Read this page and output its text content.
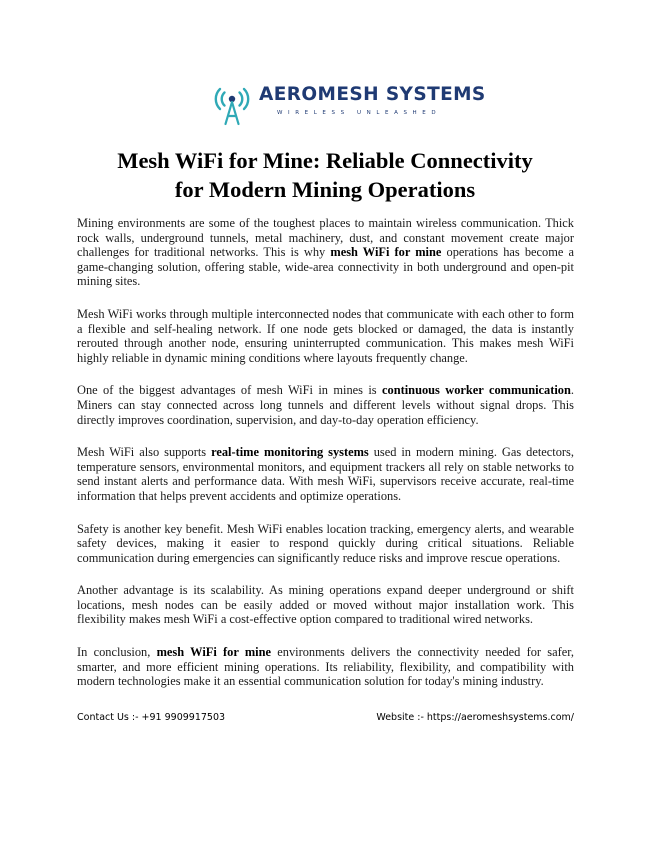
AEROMESH SYSTEMS

WIRELESS UNLEASHED

Mesh WiFi for Mine: Reliable Connectivity
for Modern Mining Operations

Mining environments are some of the toughest places to maintain wireless communication. Thick rock walls, underground tunnels, metal machinery, dust, and constant movement create major challenges for traditional networks. This is why mesh WiFi for mine operations has become a game-changing solution, offering stable, wide-area connectivity in both underground and open-pit mining sites.

Mesh WiFi works through multiple interconnected nodes that communicate with each other to form a flexible and self-healing network. If one node gets blocked or damaged, the data is instantly rerouted through another node, ensuring uninterrupted communication. This makes mesh WiFi highly reliable in dynamic mining conditions where layouts frequently change.

One of the biggest advantages of mesh WiFi in mines is continuous worker communication. Miners can stay connected across long tunnels and different levels without signal drops. This directly improves coordination, supervision, and day-to-day operation efficiency.

Mesh WiFi also supports real-time monitoring systems used in modern mining. Gas detectors, temperature sensors, environmental monitors, and equipment trackers all rely on stable networks to send instant alerts and performance data. With mesh WiFi, supervisors receive accurate, real-time information that helps prevent accidents and optimize operations.

Safety is another key benefit. Mesh WiFi enables location tracking, emergency alerts, and wearable safety devices, making it easier to respond quickly during critical situations. Reliable communication during emergencies can significantly reduce risks and improve rescue operations.

Another advantage is its scalability. As mining operations expand deeper underground or shift locations, mesh nodes can be easily added or moved without major installation work. This flexibility makes mesh WiFi a cost-effective option compared to traditional wired networks.

In conclusion, mesh WiFi for mine environments delivers the connectivity needed for safer, smarter, and more efficient mining operations. Its reliability, flexibility, and compatibility with modern technologies make it an essential communication solution for today's mining industry.

Contact Us :- +91 9909917503	Website :- https://aeromeshsystems.com/
